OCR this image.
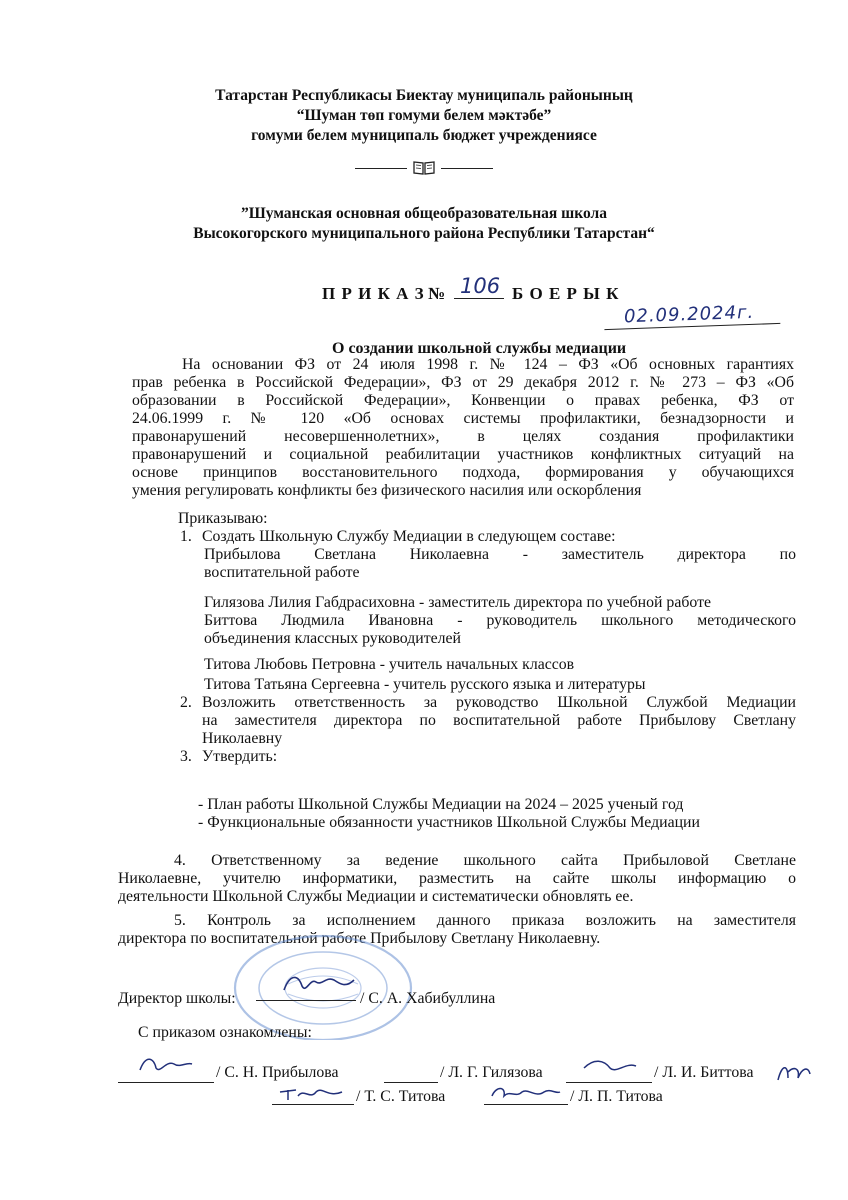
Татарстан Республикасы Биектау муниципаль районының
“Шуман төп гомуми белем мәктәбе”
гомуми белем муниципаль бюджет учреждениясе
”Шуманская основная общеобразовательная школа
Высокогорского муниципального района Республики Татарстан“
П Р И К А З № 106 Б О Е Р Ы К
02.09.2024г.
О создании школьной службы медиации
На основании ФЗ от 24 июля 1998 г. № 124 – ФЗ «Об основных гарантиях
прав ребенка в Российской Федерации», ФЗ от 29 декабря 2012 г. № 273 – ФЗ «Об
образовании в Российской Федерации», Конвенции о правах ребенка, ФЗ от
24.06.1999 г. № 120 «Об основах системы профилактики, безнадзорности и
правонарушений несовершеннолетних», в целях создания профилактики
правонарушений и социальной реабилитации участников конфликтных ситуаций на
основе принципов восстановительного подхода, формирования у обучающихся
умения регулировать конфликты без физического насилия или оскорбления
Приказываю:
1. Создать Школьную Службу Медиации в следующем составе:
Прибылова Светлана Николаевна - заместитель директора по
воспитательной работе
Гилязова Лилия Габдрасиховна - заместитель директора по учебной работе
Биттова Людмила Ивановна - руководитель школьного методического
объединения классных руководителей
Титова Любовь Петровна - учитель начальных классов
Титова Татьяна Сергеевна - учитель русского языка и литературы
2. Возложить ответственность за руководство Школьной Службой Медиации
на заместителя директора по воспитательной работе Прибылову Светлану
Николаевну
3. Утвердить:
- План работы Школьной Службы Медиации на 2024 – 2025 ученый год
- Функциональные обязанности участников Школьной Службы Медиации
4. Ответственному за ведение школьного сайта Прибыловой Светлане
Николаевне, учителю информатики, разместить на сайте школы информацию о
деятельности Школьной Службы Медиации и систематически обновлять ее.
5. Контроль за исполнением данного приказа возложить на заместителя
директора по воспитательной работе Прибылову Светлану Николаевну.
Директор школы:	/ С. А. Хабибуллина
С приказом ознакомлены:
/ С. Н. Прибылова	/ Л. Г. Гилязова	/ Л. И. Биттова
/ Т. С. Титова	/ Л. П. Титова
